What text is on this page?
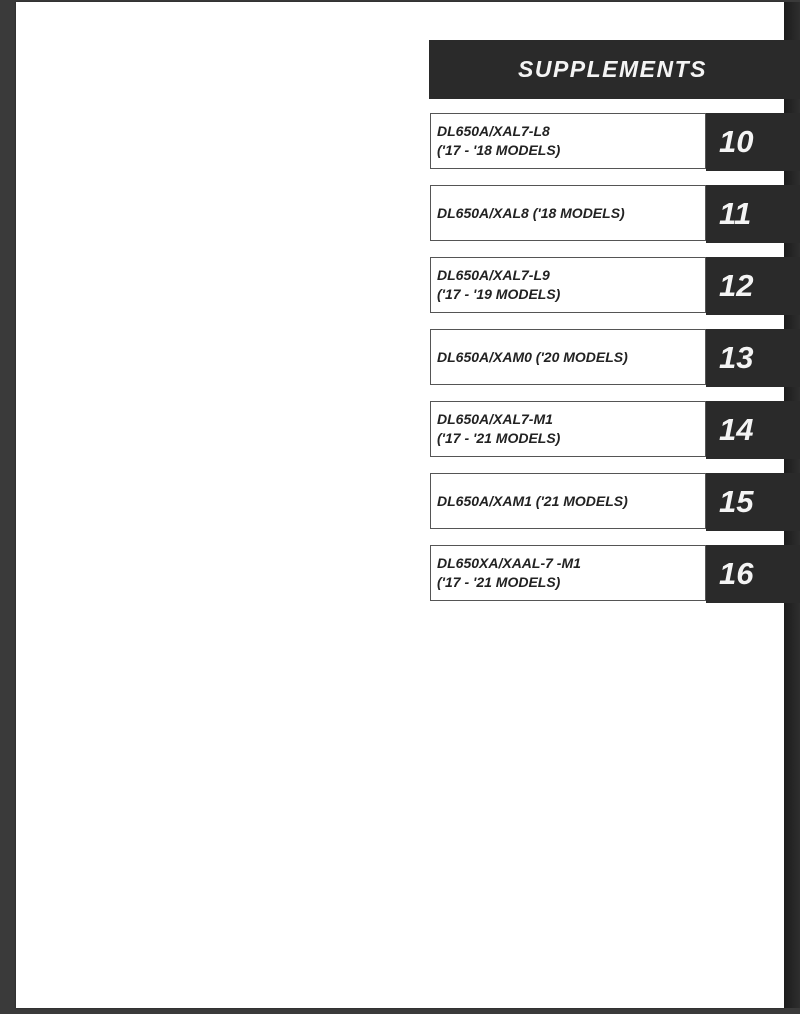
SUPPLEMENTS
DL650A/XAL7-L8
('17 - '18 MODELS)	10
DL650A/XAL8 ('18 MODELS)	11
DL650A/XAL7-L9
('17 - '19 MODELS)	12
DL650A/XAM0 ('20 MODELS)	13
DL650A/XAL7-M1
('17 - '21 MODELS)	14
DL650A/XAM1 ('21 MODELS)	15
DL650XA/XAAL-7 -M1
('17 - '21 MODELS)	16
